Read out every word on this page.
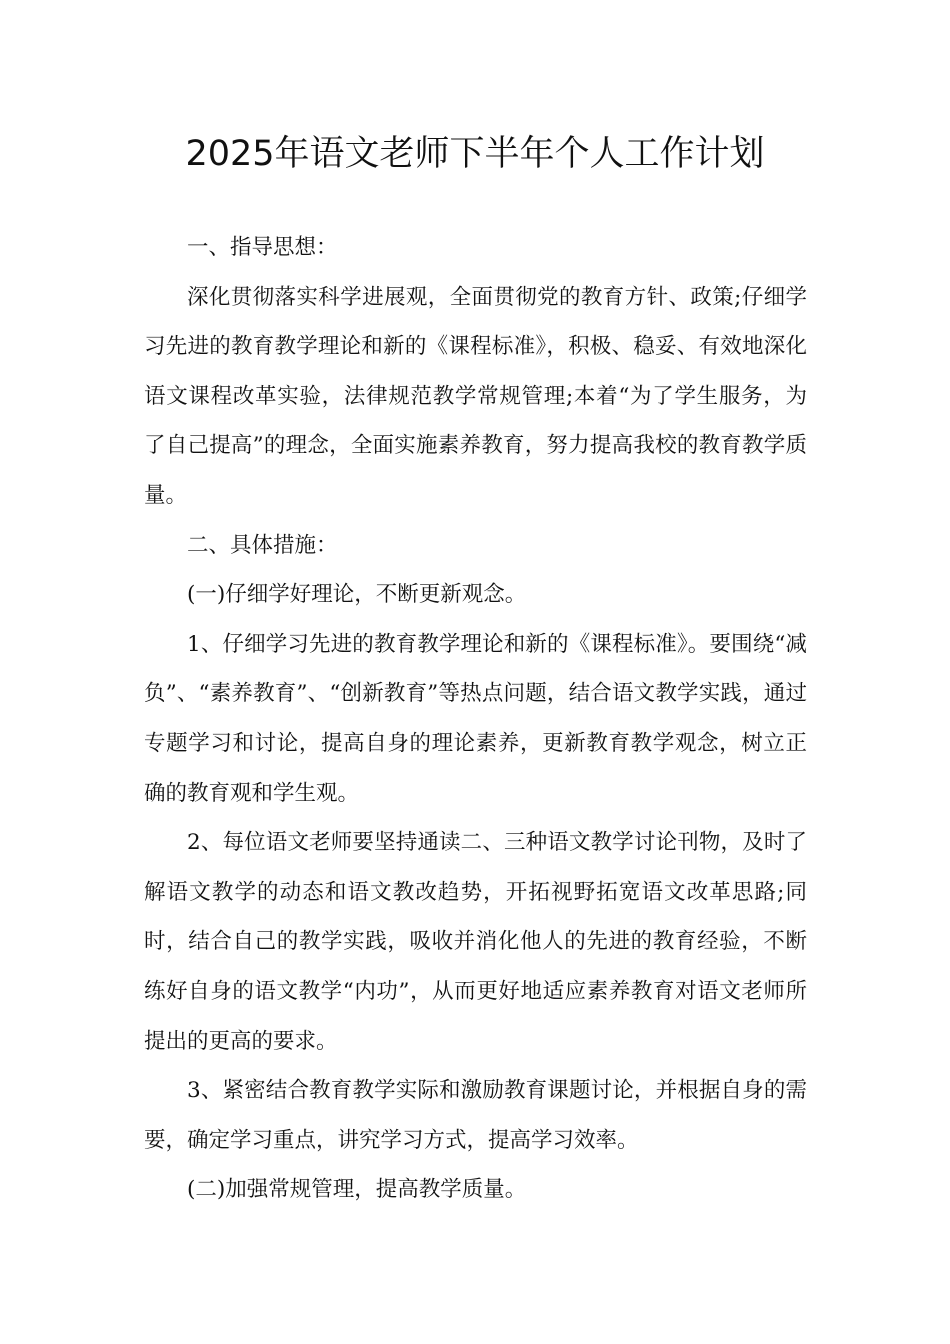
2025年语文老师下半年个人工作计划

一、指导思想：

深化贯彻落实科学进展观，全面贯彻党的教育方针、政策;仔细学习先进的教育教学理论和新的《课程标准》，积极、稳妥、有效地深化语文课程改革实验，法律规范教学常规管理;本着“为了学生服务，为了自己提高”的理念，全面实施素养教育，努力提高我校的教育教学质量。

二、具体措施：

(一)仔细学好理论，不断更新观念。

1、仔细学习先进的教育教学理论和新的《课程标准》。要围绕“减负”、“素养教育”、“创新教育”等热点问题，结合语文教学实践，通过专题学习和讨论，提高自身的理论素养，更新教育教学观念，树立正确的教育观和学生观。

2、每位语文老师要坚持通读二、三种语文教学讨论刊物，及时了解语文教学的动态和语文教改趋势，开拓视野拓宽语文改革思路;同时，结合自己的教学实践，吸收并消化他人的先进的教育经验，不断练好自身的语文教学“内功”，从而更好地适应素养教育对语文老师所提出的更高的要求。

3、紧密结合教育教学实际和激励教育课题讨论，并根据自身的需要，确定学习重点，讲究学习方式，提高学习效率。

(二)加强常规管理，提高教学质量。
